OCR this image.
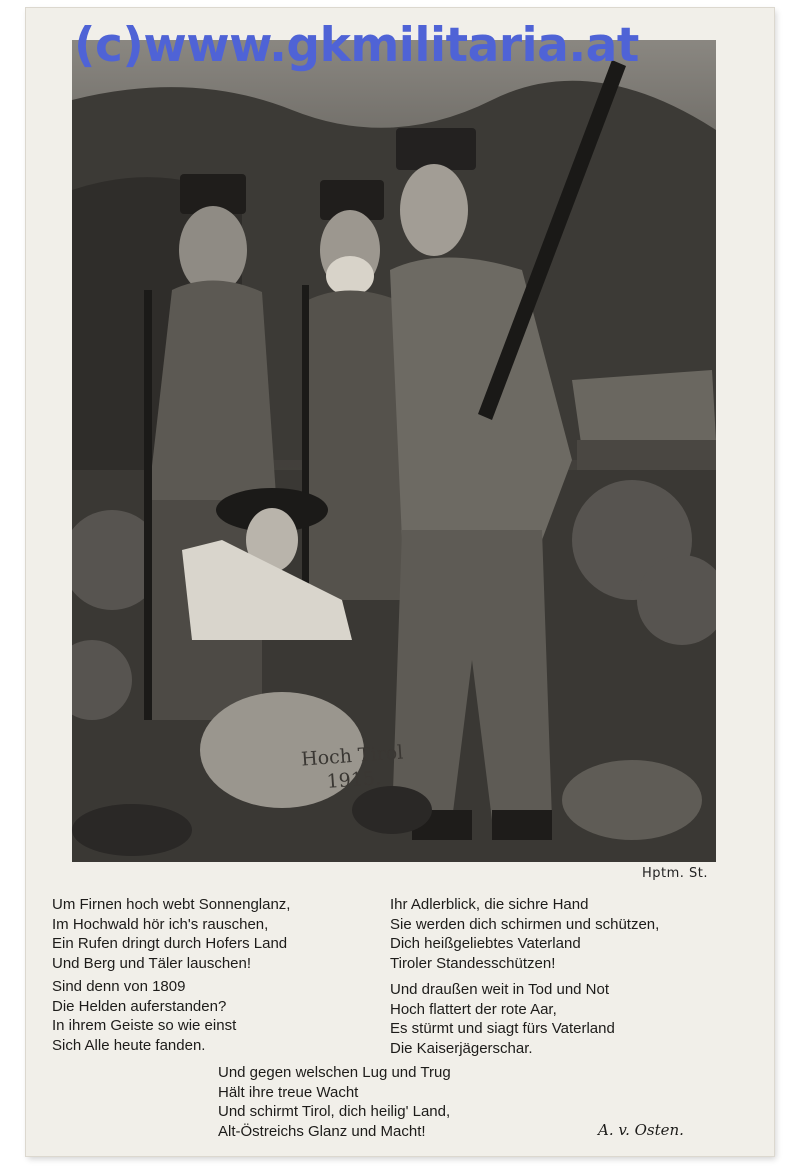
Hoch Tirol
1915.
(c)www.gkmilitaria.at
Hptm. St.
Um Firnen hoch webt Sonnenglanz,
Im Hochwald hör ich's rauschen,
Ein Rufen dringt durch Hofers Land
Und Berg und Täler lauschen!
Ihr Adlerblick, die sichre Hand
Sie werden dich schirmen und schützen,
Dich heißgeliebtes Vaterland
Tiroler Standesschützen!
Sind denn von 1809
Die Helden auferstanden?
In ihrem Geiste so wie einst
Sich Alle heute fanden.
Und draußen weit in Tod und Not
Hoch flattert der rote Aar,
Es stürmt und siagt fürs Vaterland
Die Kaiserjägerschar.
Und gegen welschen Lug und Trug
Hält ihre treue Wacht
Und schirmt Tirol, dich heilig' Land,
Alt-Östreichs Glanz und Macht!	A. v. Osten.
